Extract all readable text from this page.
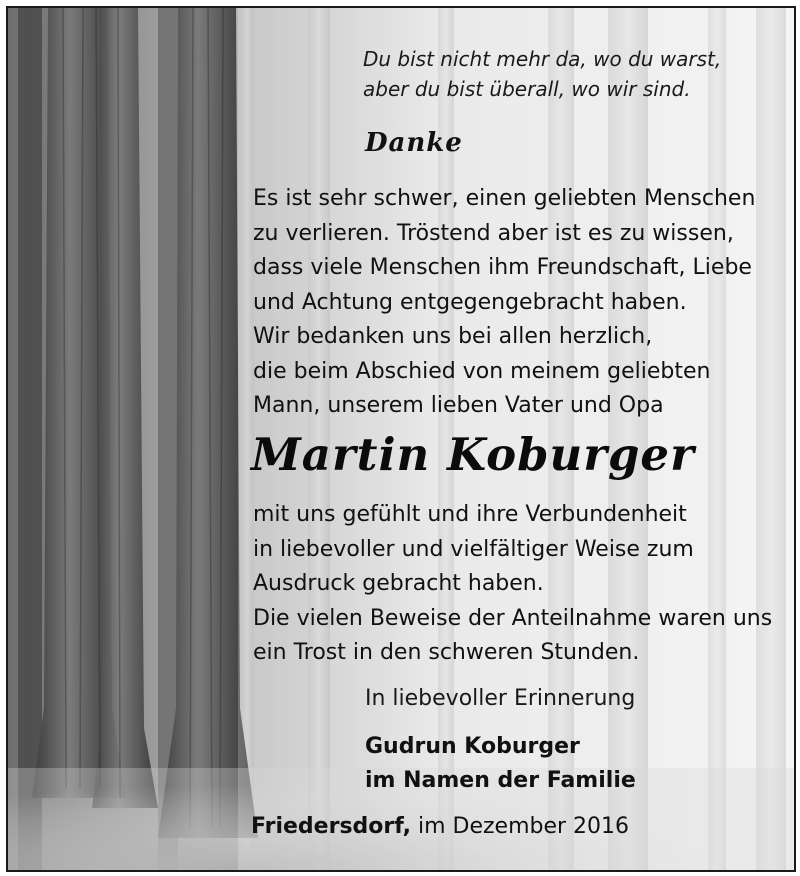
Du bist nicht mehr da, wo du warst,
aber du bist überall, wo wir sind.
Danke
Es ist sehr schwer, einen geliebten Menschen
zu verlieren. Tröstend aber ist es zu wissen,
dass viele Menschen ihm Freundschaft, Liebe
und Achtung entgegengebracht haben.
Wir bedanken uns bei allen herzlich,
die beim Abschied von meinem geliebten
Mann, unserem lieben Vater und Opa
Martin Koburger
mit uns gefühlt und ihre Verbundenheit
in liebevoller und vielfältiger Weise zum
Ausdruck gebracht haben.
Die vielen Beweise der Anteilnahme waren uns
ein Trost in den schweren Stunden.
In liebevoller Erinnerung
Gudrun Koburger
im Namen der Familie
Friedersdorf, im Dezember 2016
